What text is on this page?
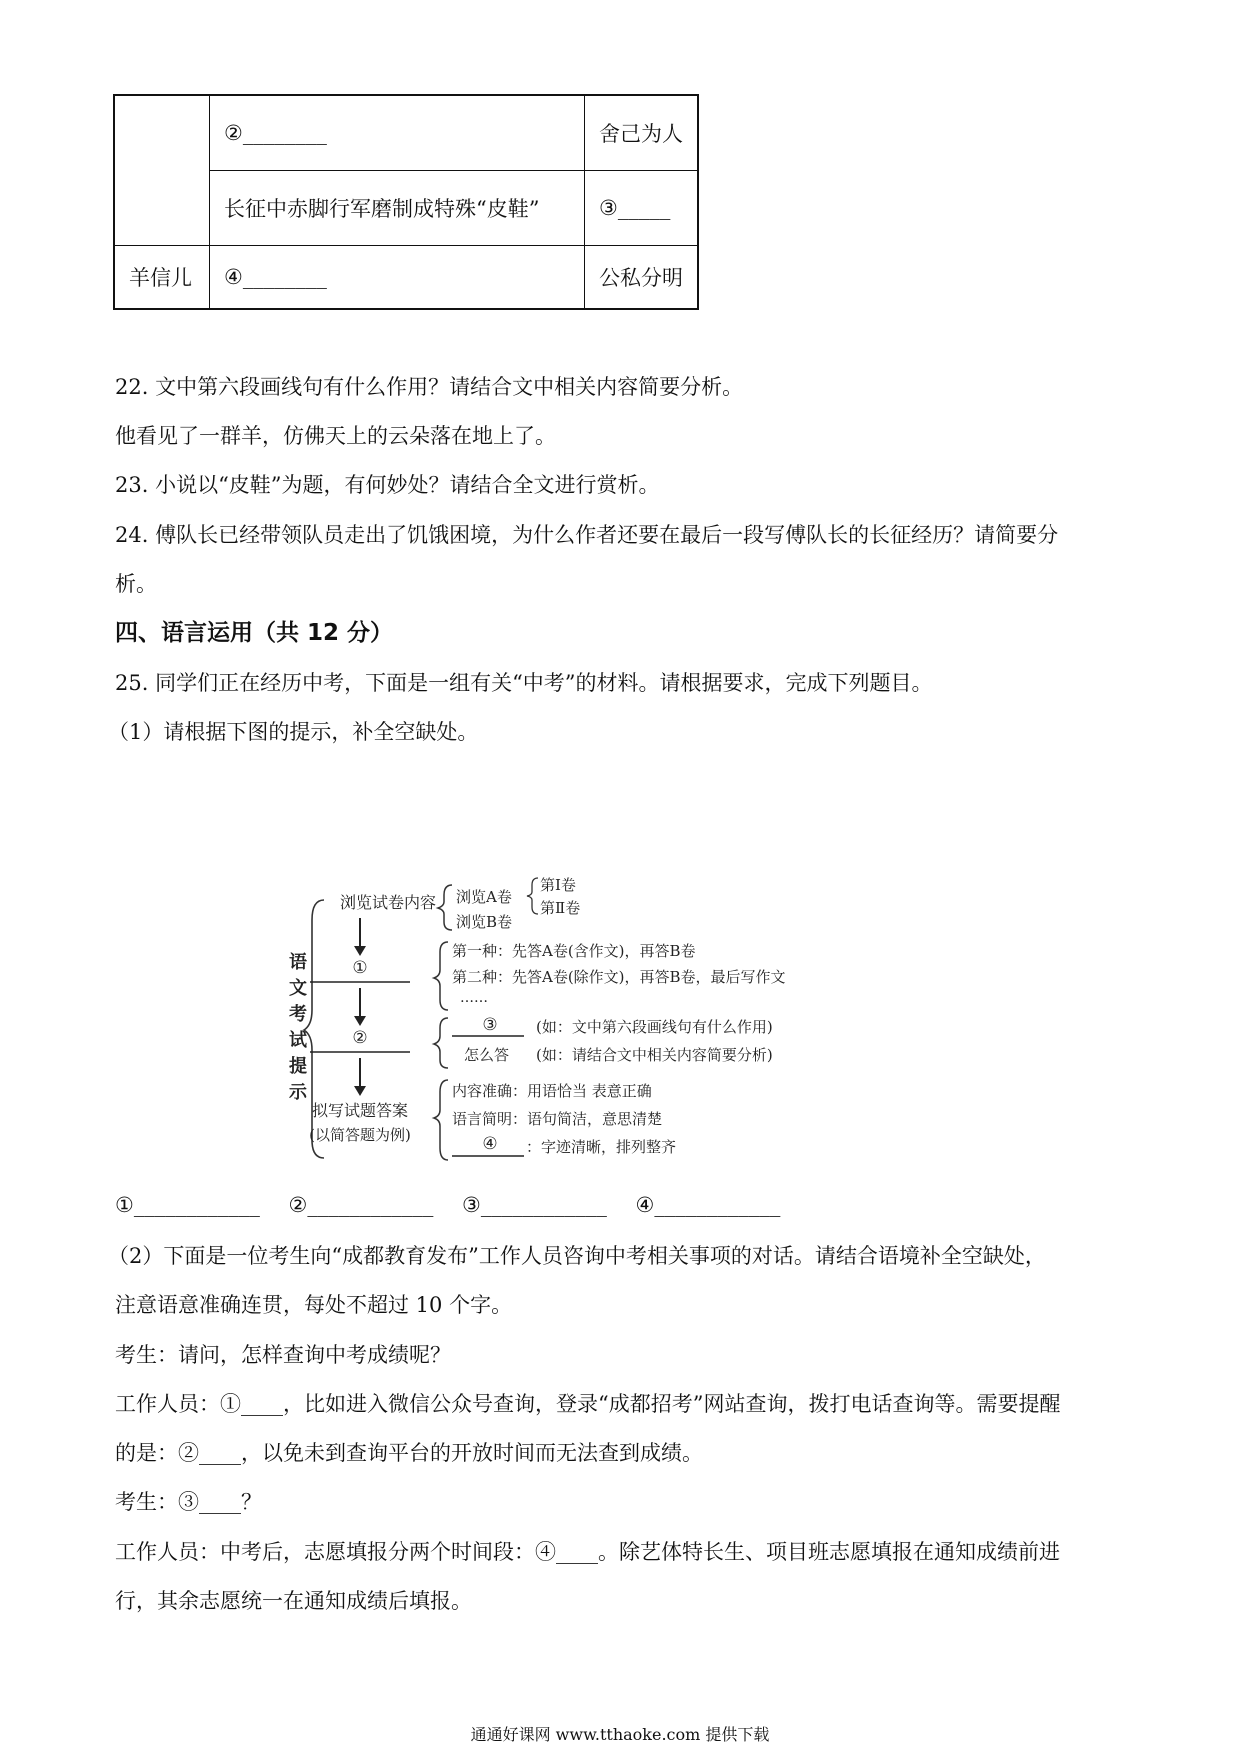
	②________	舍己为人
	长征中赤脚行军磨制成特殊“皮鞋”	③_____
羊信儿	④________	公私分明
22. 文中第六段画线句有什么作用？请结合文中相关内容简要分析。
他看见了一群羊，仿佛天上的云朵落在地上了。
23. 小说以“皮鞋”为题，有何妙处？请结合全文进行赏析。
24. 傅队长已经带领队员走出了饥饿困境，为什么作者还要在最后一段写傅队长的长征经历？请简要分
析。
四、语言运用（共 12 分）
25. 同学们正在经历中考，下面是一组有关“中考”的材料。请根据要求，完成下列题目。
（1）请根据下图的提示，补全空缺处。
语
文
考
试
提
示
浏览试卷内容 浏览A卷
浏览B卷
第Ⅰ卷
第Ⅱ卷
①
第一种：先答A卷(含作文)，再答B卷
第二种：先答A卷(除作文)，再答B卷，最后写作文
……
②
③	(如：文中第六段画线句有什么作用)
怎么答 (如：请结合文中相关内容简要分析)
拟写试题答案
(以简答题为例)
内容准确：用语恰当 表意正确
语言简明：语句简洁，意思清楚
④ ：字迹清晰，排列整齐
①____________ ②____________ ③____________ ④____________
（2）下面是一位考生向“成都教育发布”工作人员咨询中考相关事项的对话。请结合语境补全空缺处，
注意语意准确连贯，每处不超过 10 个字。
考生：请问，怎样查询中考成绩呢？
工作人员：①____，比如进入微信公众号查询，登录“成都招考”网站查询，拨打电话查询等。需要提醒
的是：②____，以免未到查询平台的开放时间而无法查到成绩。
考生：③____？
工作人员：中考后，志愿填报分两个时间段：④____。除艺体特长生、项目班志愿填报在通知成绩前进
行，其余志愿统一在通知成绩后填报。
通通好课网 www.tthaoke.com 提供下载
